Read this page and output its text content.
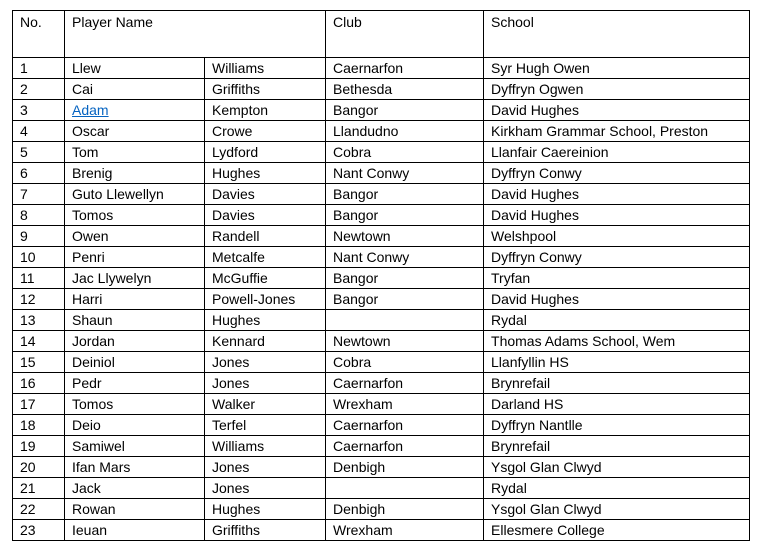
No.	Player Name		Club	School
1	Llew	Williams	Caernarfon	Syr Hugh Owen
2	Cai	Griffiths	Bethesda	Dyffryn Ogwen
3	Adam	Kempton	Bangor	David Hughes
4	Oscar	Crowe	Llandudno	Kirkham Grammar School, Preston
5	Tom	Lydford	Cobra	Llanfair Caereinion
6	Brenig	Hughes	Nant Conwy	Dyffryn Conwy
7	Guto Llewellyn	Davies	Bangor	David Hughes
8	Tomos	Davies	Bangor	David Hughes
9	Owen	Randell	Newtown	Welshpool
10	Penri	Metcalfe	Nant Conwy	Dyffryn Conwy
11	Jac Llywelyn	McGuffie	Bangor	Tryfan
12	Harri	Powell-Jones	Bangor	David Hughes
13	Shaun	Hughes		Rydal
14	Jordan	Kennard	Newtown	Thomas Adams School, Wem
15	Deiniol	Jones	Cobra	Llanfyllin HS
16	Pedr	Jones	Caernarfon	Brynrefail
17	Tomos	Walker	Wrexham	Darland HS
18	Deio	Terfel	Caernarfon	Dyffryn Nantlle
19	Samiwel	Williams	Caernarfon	Brynrefail
20	Ifan Mars	Jones	Denbigh	Ysgol Glan Clwyd
21	Jack	Jones		Rydal
22	Rowan	Hughes	Denbigh	Ysgol Glan Clwyd
23	Ieuan	Griffiths	Wrexham	Ellesmere College
